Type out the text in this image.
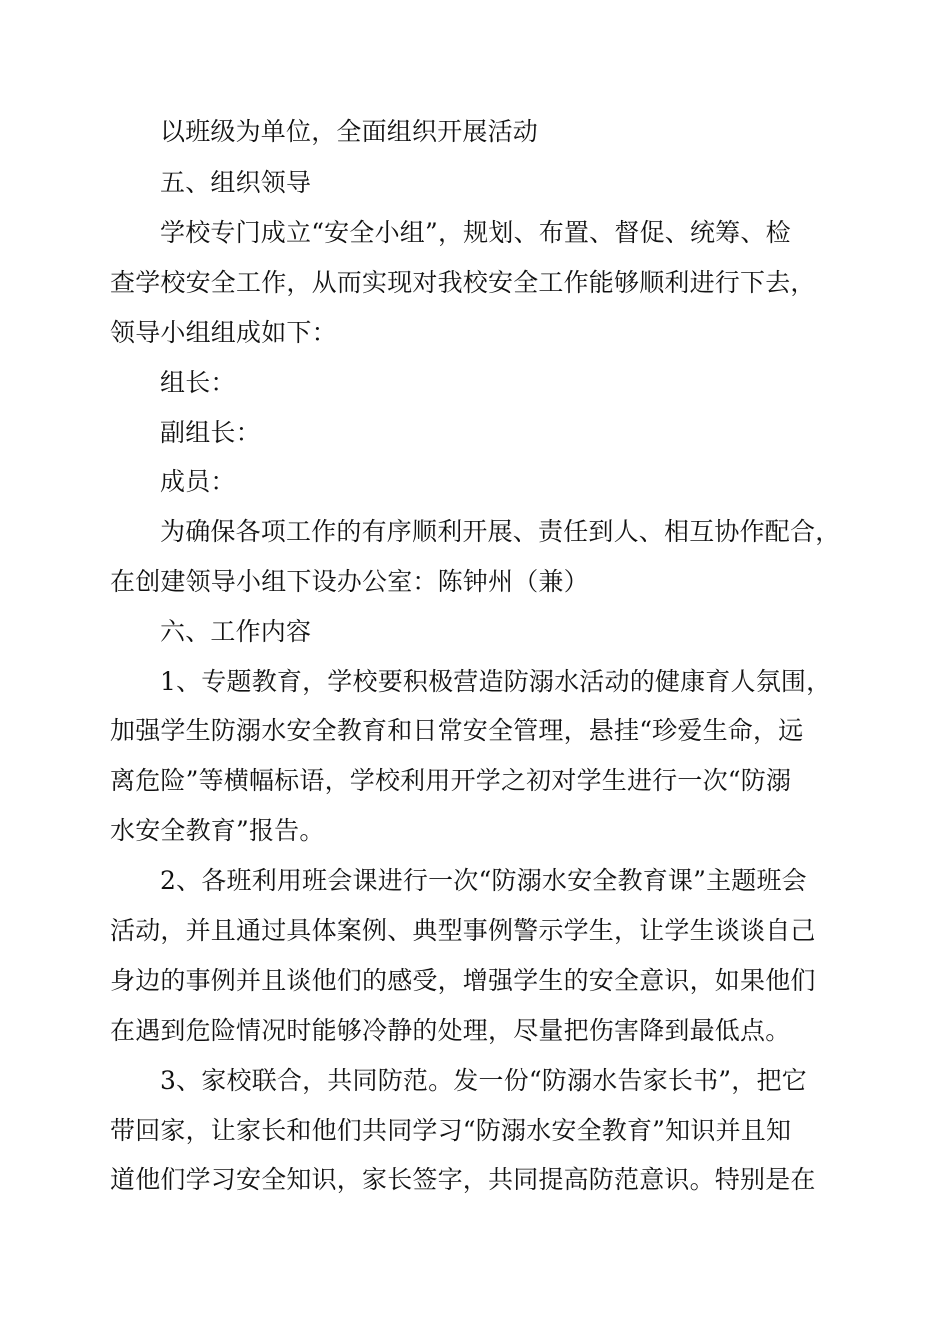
以班级为单位，全面组织开展活动
五、组织领导
学校专门成立“安全小组”，规划、布置、督促、统筹、检
查学校安全工作，从而实现对我校安全工作能够顺利进行下去，
领导小组组成如下：
组长：
副组长：
成员：
为确保各项工作的有序顺利开展、责任到人、相互协作配合，
在创建领导小组下设办公室：陈钟州（兼）
六、工作内容
1、专题教育，学校要积极营造防溺水活动的健康育人氛围，
加强学生防溺水安全教育和日常安全管理，悬挂“珍爱生命，远
离危险”等横幅标语，学校利用开学之初对学生进行一次“防溺
水安全教育”报告。
2、各班利用班会课进行一次“防溺水安全教育课”主题班会
活动，并且通过具体案例、典型事例警示学生，让学生谈谈自己
身边的事例并且谈他们的感受，增强学生的安全意识，如果他们
在遇到危险情况时能够冷静的处理，尽量把伤害降到最低点。
3、家校联合，共同防范。发一份“防溺水告家长书”，把它
带回家，让家长和他们共同学习“防溺水安全教育”知识并且知
道他们学习安全知识，家长签字，共同提高防范意识。特别是在
